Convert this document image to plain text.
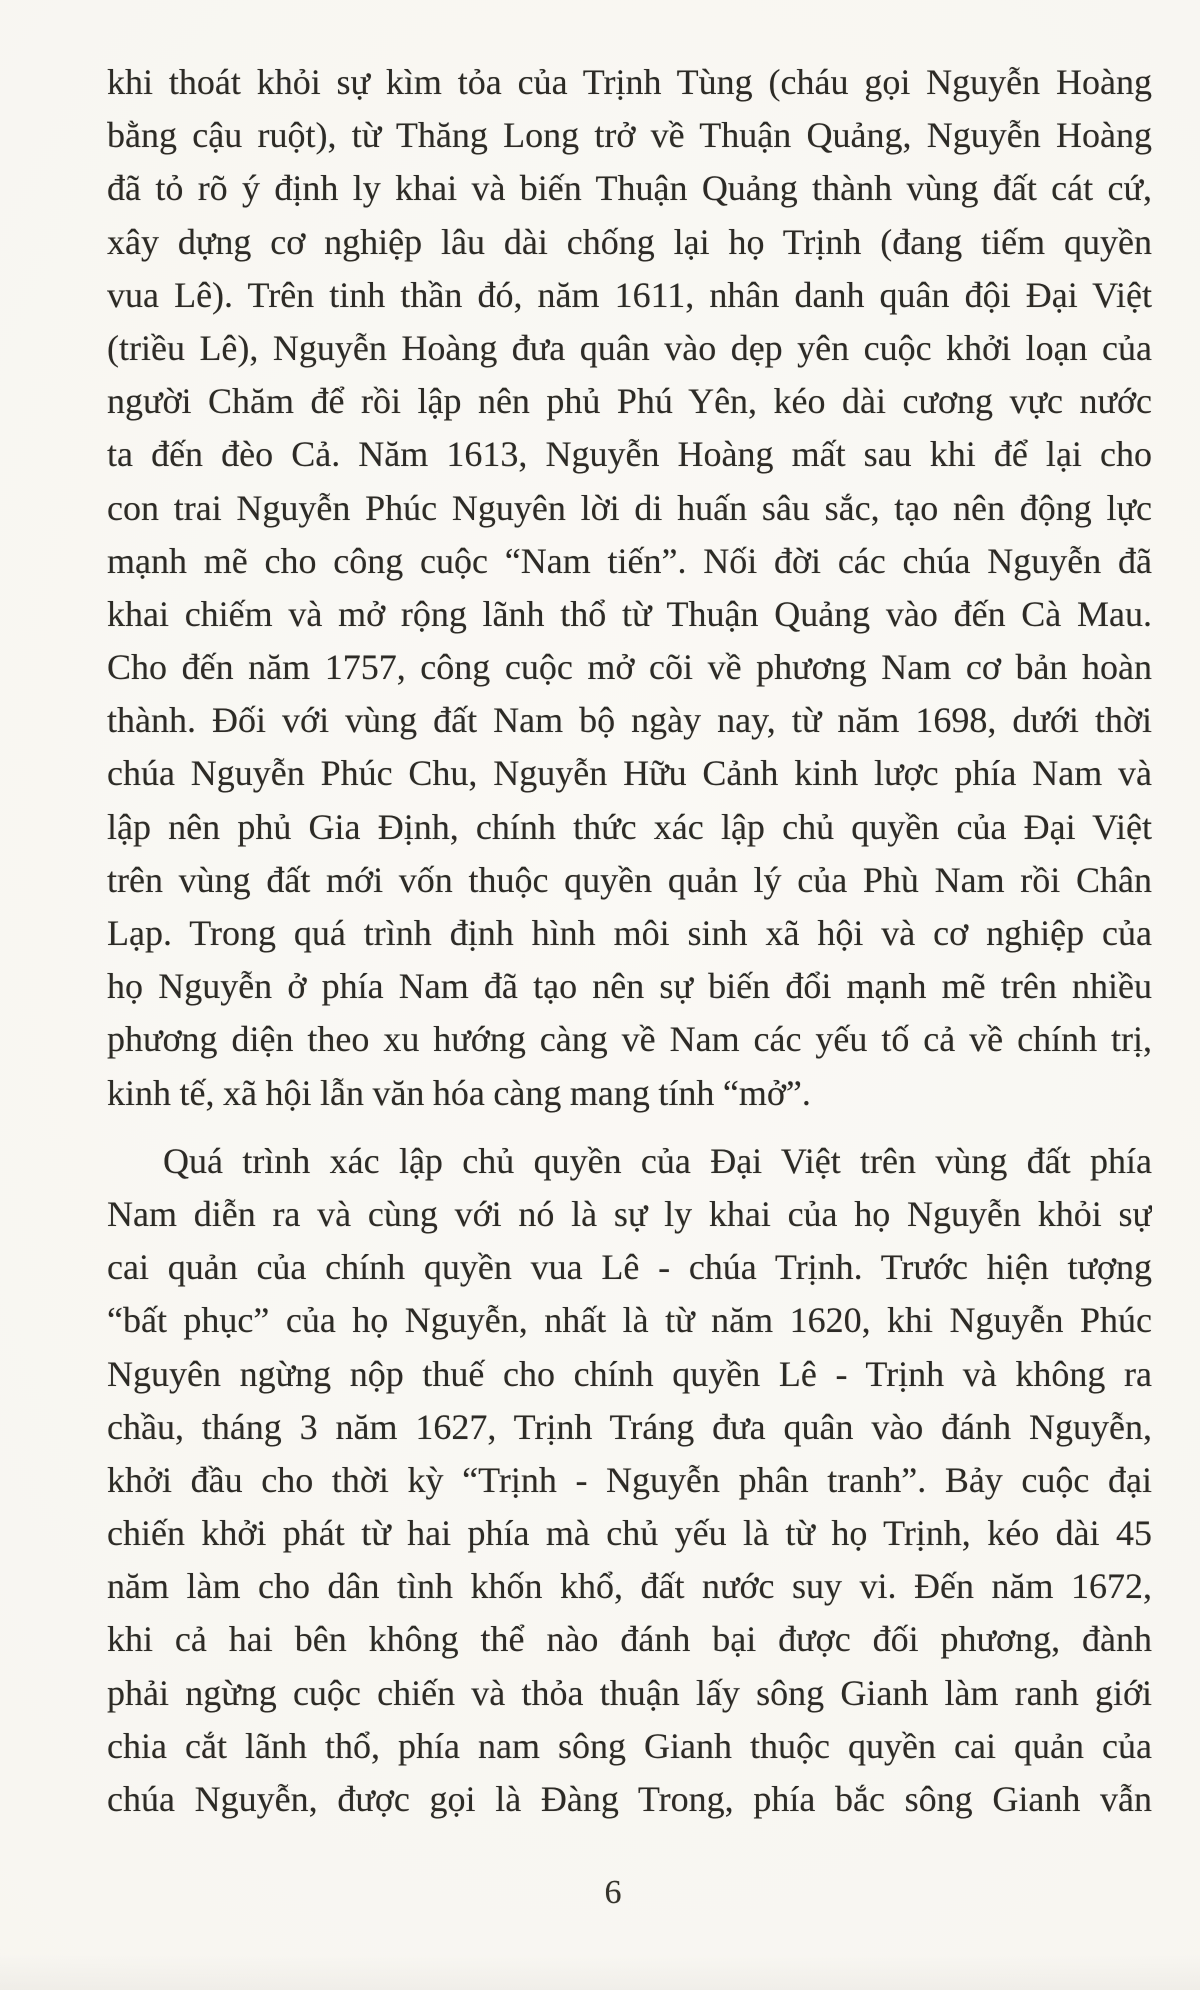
khi thoát khỏi sự kìm tỏa của Trịnh Tùng (cháu gọi Nguyễn Hoàng
bằng cậu ruột), từ Thăng Long trở về Thuận Quảng, Nguyễn Hoàng
đã tỏ rõ ý định ly khai và biến Thuận Quảng thành vùng đất cát cứ,
xây dựng cơ nghiệp lâu dài chống lại họ Trịnh (đang tiếm quyền
vua Lê). Trên tinh thần đó, năm 1611, nhân danh quân đội Đại Việt
(triều Lê), Nguyễn Hoàng đưa quân vào dẹp yên cuộc khởi loạn của
người Chăm để rồi lập nên phủ Phú Yên, kéo dài cương vực nước
ta đến đèo Cả. Năm 1613, Nguyễn Hoàng mất sau khi để lại cho
con trai Nguyễn Phúc Nguyên lời di huấn sâu sắc, tạo nên động lực
mạnh mẽ cho công cuộc “Nam tiến”. Nối đời các chúa Nguyễn đã
khai chiếm và mở rộng lãnh thổ từ Thuận Quảng vào đến Cà Mau.
Cho đến năm 1757, công cuộc mở cõi về phương Nam cơ bản hoàn
thành. Đối với vùng đất Nam bộ ngày nay, từ năm 1698, dưới thời
chúa Nguyễn Phúc Chu, Nguyễn Hữu Cảnh kinh lược phía Nam và
lập nên phủ Gia Định, chính thức xác lập chủ quyền của Đại Việt
trên vùng đất mới vốn thuộc quyền quản lý của Phù Nam rồi Chân
Lạp. Trong quá trình định hình môi sinh xã hội và cơ nghiệp của
họ Nguyễn ở phía Nam đã tạo nên sự biến đổi mạnh mẽ trên nhiều
phương diện theo xu hướng càng về Nam các yếu tố cả về chính trị,
kinh tế, xã hội lẫn văn hóa càng mang tính “mở”.
Quá trình xác lập chủ quyền của Đại Việt trên vùng đất phía
Nam diễn ra và cùng với nó là sự ly khai của họ Nguyễn khỏi sự
cai quản của chính quyền vua Lê - chúa Trịnh. Trước hiện tượng
“bất phục” của họ Nguyễn, nhất là từ năm 1620, khi Nguyễn Phúc
Nguyên ngừng nộp thuế cho chính quyền Lê - Trịnh và không ra
chầu, tháng 3 năm 1627, Trịnh Tráng đưa quân vào đánh Nguyễn,
khởi đầu cho thời kỳ “Trịnh - Nguyễn phân tranh”. Bảy cuộc đại
chiến khởi phát từ hai phía mà chủ yếu là từ họ Trịnh, kéo dài 45
năm làm cho dân tình khốn khổ, đất nước suy vi. Đến năm 1672,
khi cả hai bên không thể nào đánh bại được đối phương, đành
phải ngừng cuộc chiến và thỏa thuận lấy sông Gianh làm ranh giới
chia cắt lãnh thổ, phía nam sông Gianh thuộc quyền cai quản của
chúa Nguyễn, được gọi là Đàng Trong, phía bắc sông Gianh vẫn
6
